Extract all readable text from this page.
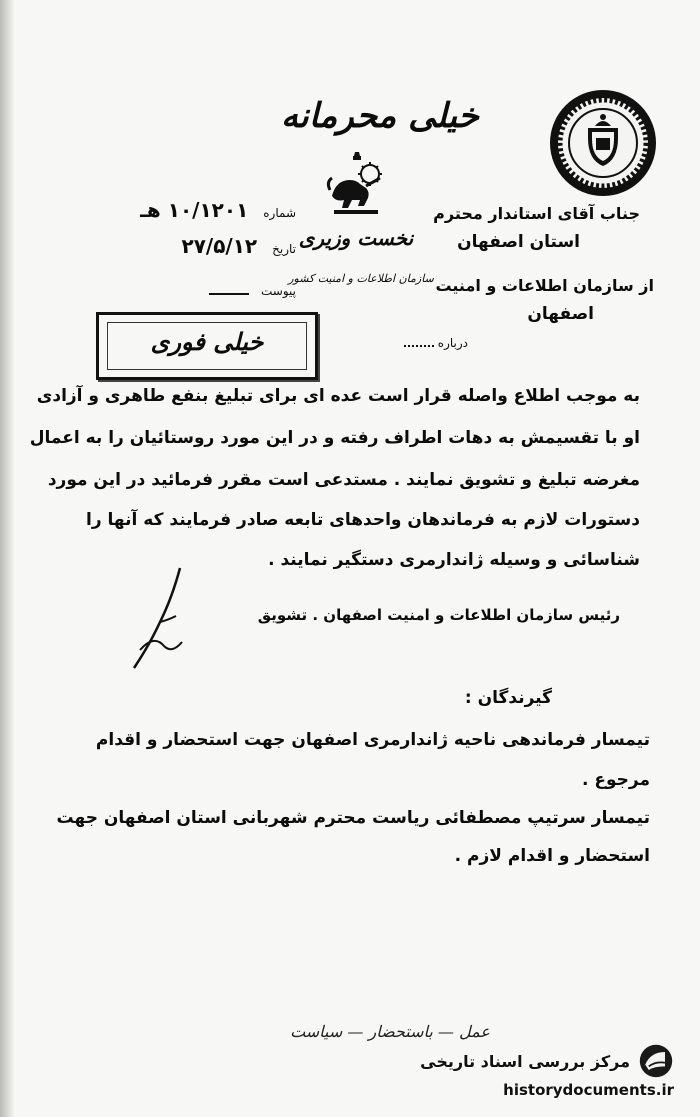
خیلی محرمانه
شماره ۱۰/۱۲۰۱ هـ
تاریخ ۲۷/۵/۱۲
پیوست
نخست وزیری
سازمان اطلاعات و امنیت کشور
درباره
جناب آقای استاندار محترم
استان اصفهان
از سازمان اطلاعات و امنیت
اصفهان
خیلی فوری
به موجب اطلاع واصله قرار است عده ای برای تبلیغ بنفع طاهری و آزادی
او با تقسیمش به دهات اطراف رفته و در این مورد روستائیان را به اعمال
مغرضه تبلیغ و تشویق نمایند . مستدعی است مقرر فرمائید در این مورد
دستورات لازم به فرماندهان واحدهای تابعه صادر فرمایند که آنها را
شناسائی و وسیله ژاندارمری دستگیر نمایند .
رئیس سازمان اطلاعات و امنیت اصفهان . تشویق
گیرندگان :
تیمسار فرماندهی ناحیه ژاندارمری اصفهان جهت استحضار و اقدام
مرجوع .
تیمسار سرتیپ مصطفائی ریاست محترم شهربانی استان اصفهان جهت
استحضار و اقدام لازم .
عمل — باستحضار — سیاست
مرکز بررسی اسناد تاریخی
historydocuments.ir
